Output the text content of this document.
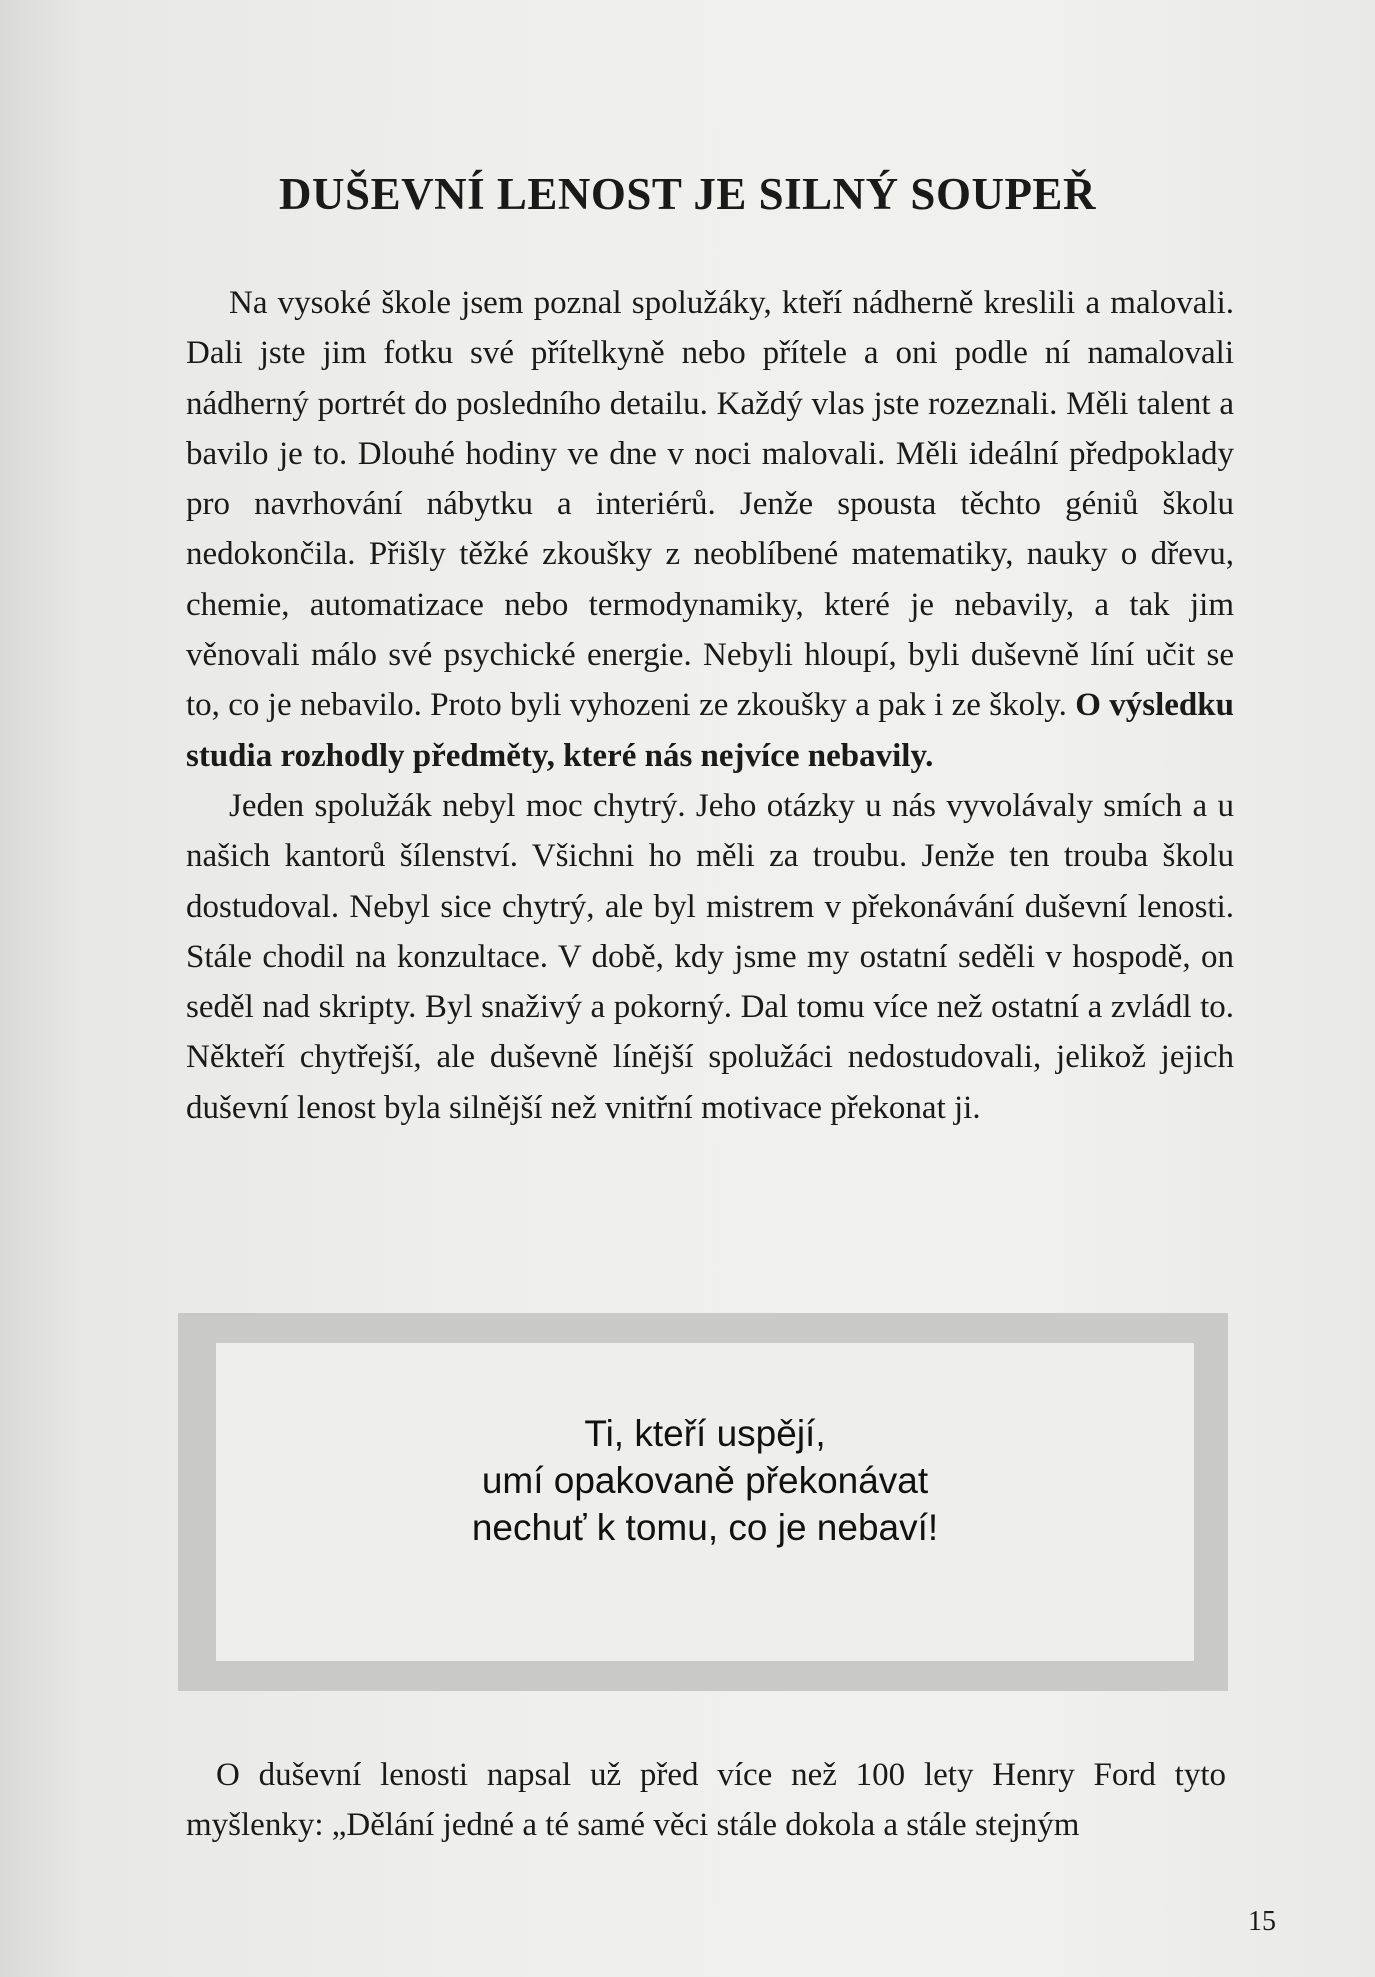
DUŠEVNÍ LENOST JE SILNÝ SOUPEŘ

Na vysoké škole jsem poznal spolužáky, kteří nádherně kreslili a malovali. Dali jste jim fotku své přítelkyně nebo přítele a oni podle ní namalovali nádherný portrét do posledního detailu. Každý vlas jste rozeznali. Měli talent a bavilo je to. Dlouhé hodiny ve dne v noci malovali. Měli ideální předpoklady pro navrhování nábytku a interiérů. Jenže spousta těchto géniů školu nedokončila. Přišly těžké zkoušky z neoblíbené matematiky, nauky o dřevu, chemie, automatizace nebo termodynamiky, které je nebavily, a tak jim věnovali málo své psychické energie. Nebyli hloupí, byli duševně líní učit se to, co je nebavilo. Proto byli vyhozeni ze zkoušky a pak i ze školy. O výsledku studia rozhodly předměty, které nás nejvíce nebavily.

Jeden spolužák nebyl moc chytrý. Jeho otázky u nás vyvolávaly smích a u našich kantorů šílenství. Všichni ho měli za troubu. Jenže ten trouba školu dostudoval. Nebyl sice chytrý, ale byl mistrem v překonávání duševní lenosti. Stále chodil na konzultace. V době, kdy jsme my ostatní seděli v hospodě, on seděl nad skripty. Byl snaživý a pokorný. Dal tomu více než ostatní a zvládl to. Někteří chytřejší, ale duševně línější spolužáci nedostudovali, jelikož jejich duševní lenost byla silnější než vnitřní motivace překonat ji.

Ti, kteří uspějí,
umí opakovaně překonávat
nechuť k tomu, co je nebaví!

O duševní lenosti napsal už před více než 100 lety Henry Ford tyto myšlenky: „Dělání jedné a té samé věci stále dokola a stále stejným

15
